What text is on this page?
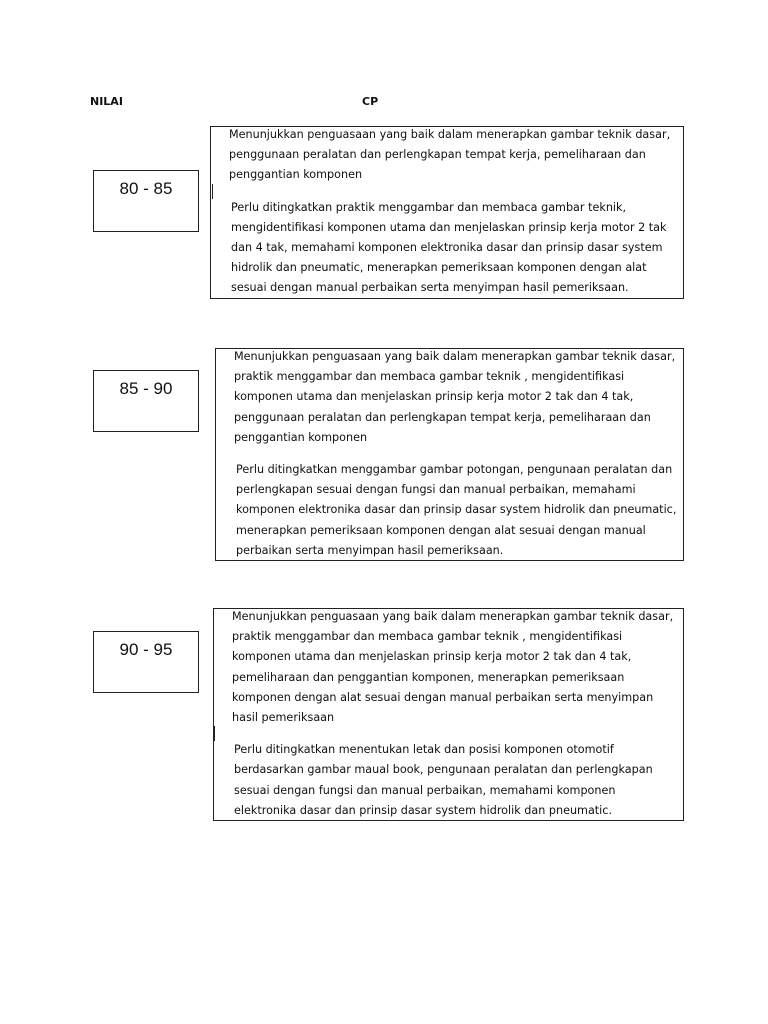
NILAI	CP
80 - 85

Menunjukkan penguasaan yang baik dalam menerapkan gambar teknik dasar, penggunaan peralatan dan perlengkapan tempat kerja, pemeliharaan dan penggantian komponen

Perlu ditingkatkan praktik menggambar dan membaca gambar teknik, mengidentifikasi komponen utama dan menjelaskan prinsip kerja motor 2 tak dan 4 tak, memahami komponen elektronika dasar dan prinsip dasar system hidrolik dan pneumatic, menerapkan pemeriksaan komponen dengan alat sesuai dengan manual perbaikan serta menyimpan hasil pemeriksaan.

85 - 90

Menunjukkan penguasaan yang baik dalam menerapkan gambar teknik dasar, praktik menggambar dan membaca gambar teknik , mengidentifikasi komponen utama dan menjelaskan prinsip kerja motor 2 tak dan 4 tak, penggunaan peralatan dan perlengkapan tempat kerja, pemeliharaan dan penggantian komponen

Perlu ditingkatkan menggambar gambar potongan, pengunaan peralatan dan perlengkapan sesuai dengan fungsi dan manual perbaikan, memahami komponen elektronika dasar dan prinsip dasar system hidrolik dan pneumatic, menerapkan pemeriksaan komponen dengan alat sesuai dengan manual perbaikan serta menyimpan hasil pemeriksaan.

90 - 95

Menunjukkan penguasaan yang baik dalam menerapkan gambar teknik dasar, praktik menggambar dan membaca gambar teknik , mengidentifikasi komponen utama dan menjelaskan prinsip kerja motor 2 tak dan 4 tak, pemeliharaan dan penggantian komponen, menerapkan pemeriksaan komponen dengan alat sesuai dengan manual perbaikan serta menyimpan hasil pemeriksaan

Perlu ditingkatkan menentukan letak dan posisi komponen otomotif berdasarkan gambar maual book, pengunaan peralatan dan perlengkapan sesuai dengan fungsi dan manual perbaikan, memahami komponen elektronika dasar dan prinsip dasar system hidrolik dan pneumatic.
